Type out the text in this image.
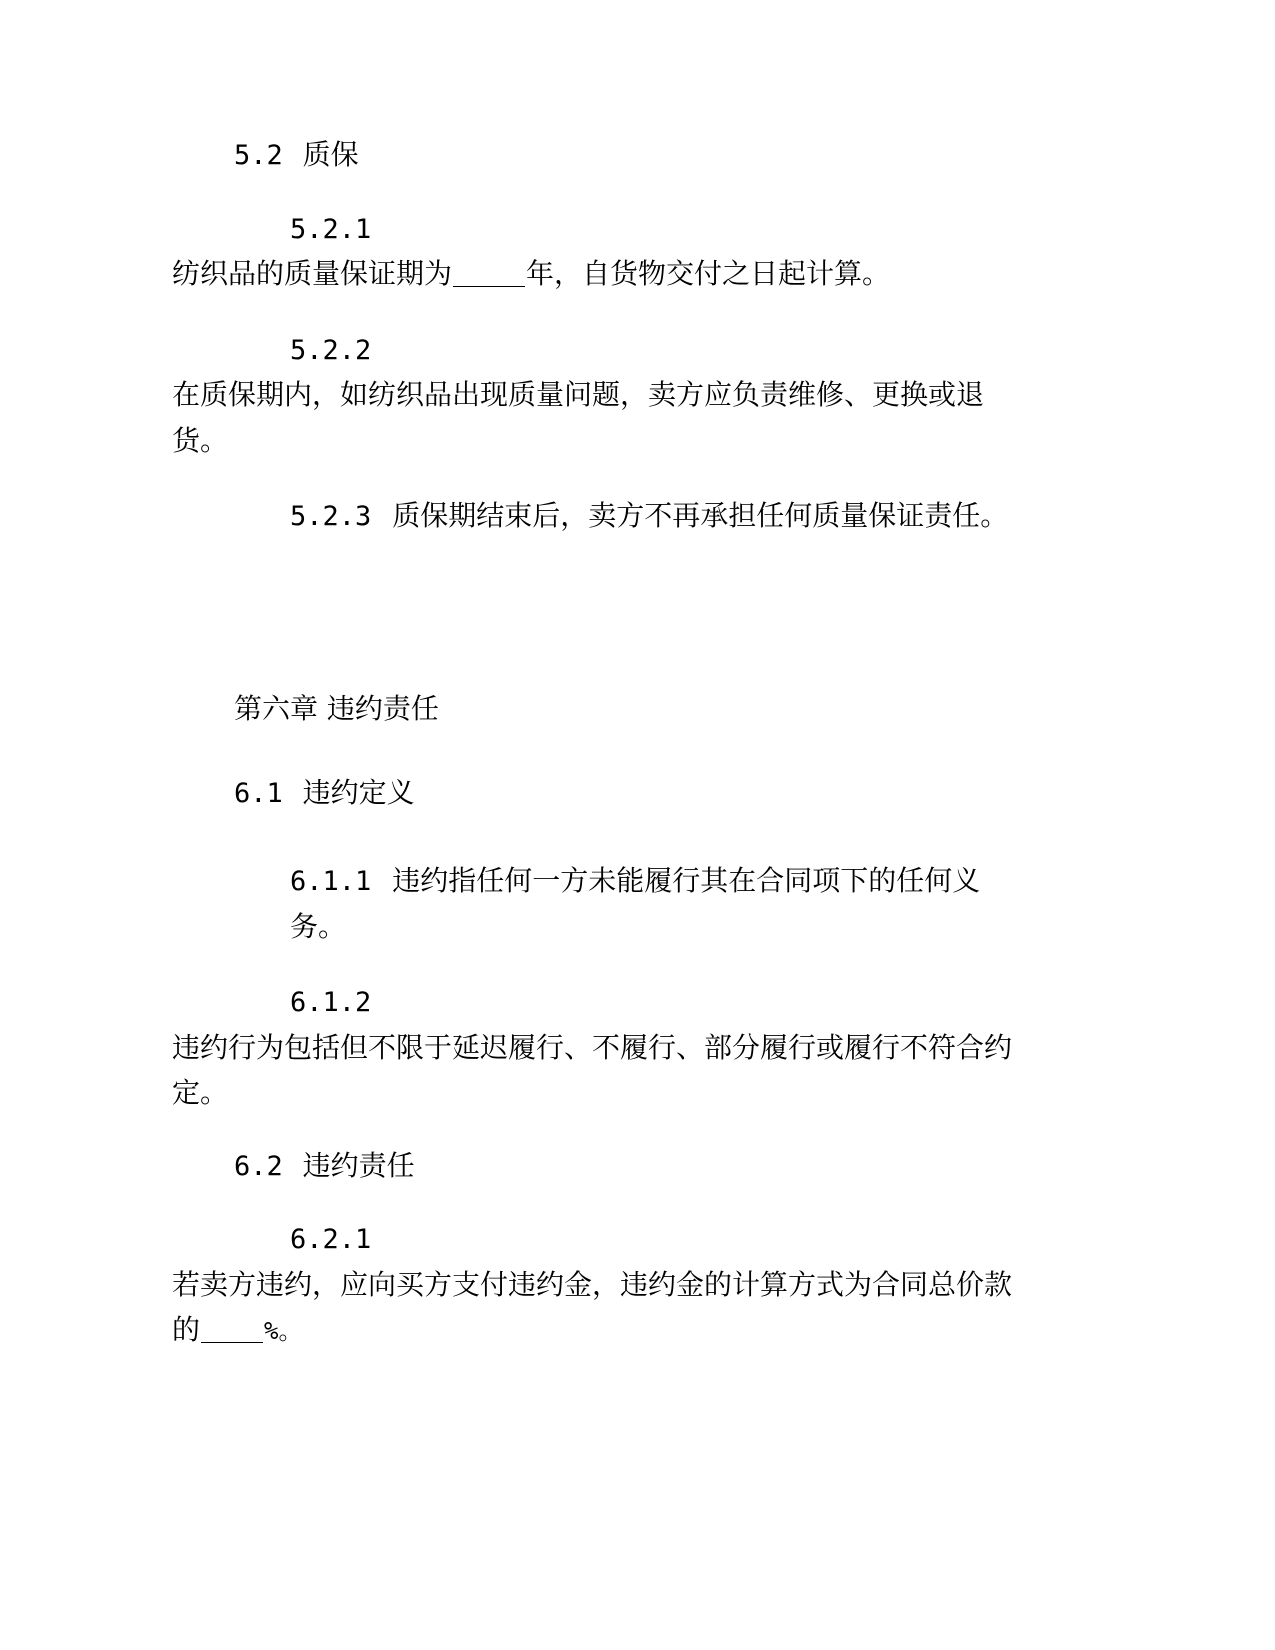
5.2 质保
5.2.1
纺织品的质量保证期为	年，自货物交付之日起计算。
5.2.2
在质保期内，如纺织品出现质量问题，卖方应负责维修、更换或退货。
5.2.3 质保期结束后，卖方不再承担任何质量保证责任。
第六章 违约责任
6.1 违约定义
6.1.1 违约指任何一方未能履行其在合同项下的任何义务。
6.1.2
违约行为包括但不限于延迟履行、不履行、部分履行或履行不符合约定。
6.2 违约责任
6.2.1
若卖方违约，应向买方支付违约金，违约金的计算方式为合同总价款的	%。
